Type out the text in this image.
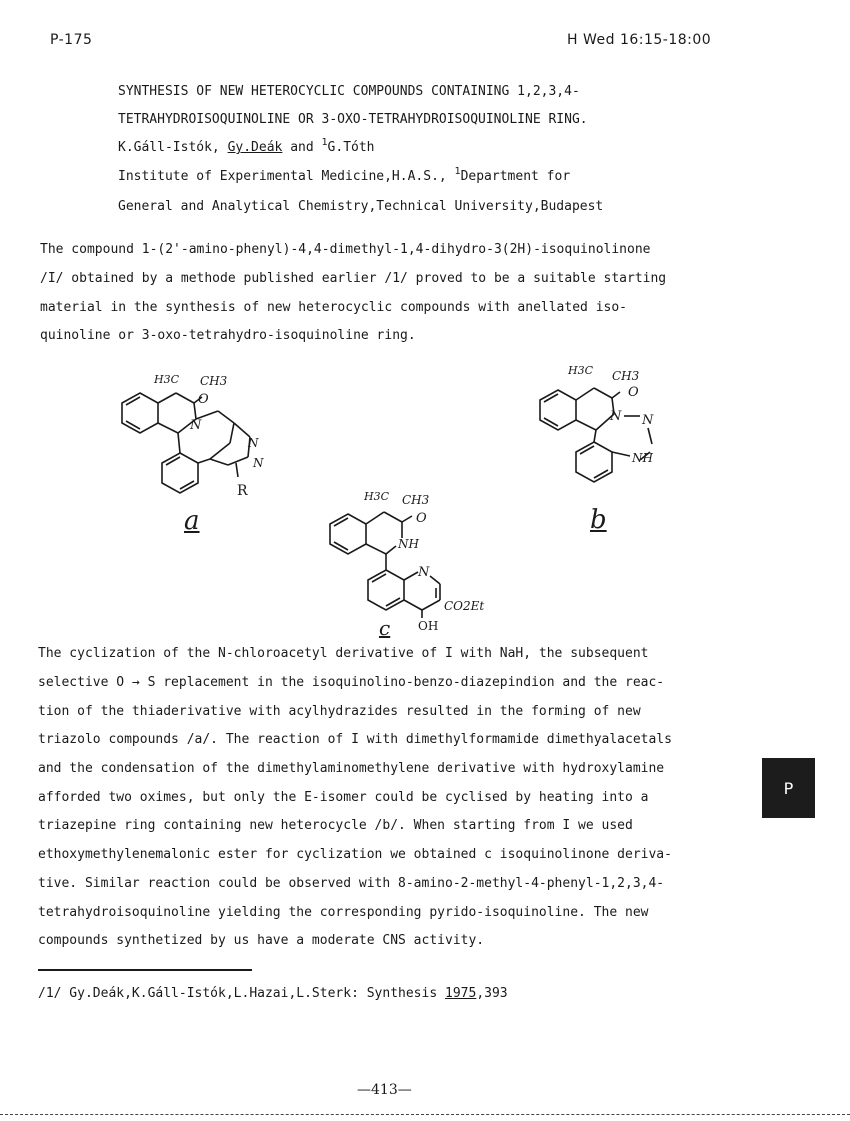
P-175	H Wed 16:15-18:00
SYNTHESIS OF NEW HETEROCYCLIC COMPOUNDS CONTAINING 1,2,3,4-
TETRAHYDROISOQUINOLINE OR 3-OXO-TETRAHYDROISOQUINOLINE RING.
K.Gáll-Istók, Gy.Deák and $^1$G.Tóth
Institute of Experimental Medicine,H.A.S., $^1$Department for
General and Analytical Chemistry,Technical University,Budapest
The compound 1-(2'-amino-phenyl)-4,4-dimethyl-1,4-dihydro-3(2H)-isoquinolinone
/I/ obtained by a methode published earlier /1/ proved to be a suitable starting
material in the synthesis of new heterocyclic compounds with anellated iso-
quinoline or 3-oxo-tetrahydro-isoquinoline ring.
H3C CH3
O
N
N
N
R
a
H3C CH3
O
N N
NH
b
H3C CH3
O
NH
N
CO2Et
OH
c
The cyclization of the N-chloroacetyl derivative of I with NaH, the subsequent
selective O → S replacement in the isoquinolino-benzo-diazepindion and the reac-
tion of the thiaderivative with acylhydrazides resulted in the forming of new
triazolo compounds /a/. The reaction of I with dimethylformamide dimethyalacetals
and the condensation of the dimethylaminomethylene derivative with hydroxylamine
afforded two oximes, but only the E-isomer could be cyclised by heating into a
triazepine ring containing new heterocycle /b/. When starting from I we used
ethoxymethylenemalonic ester for cyclization we obtained c isoquinolinone deriva-
tive. Similar reaction could be observed with 8-amino-2-methyl-4-phenyl-1,2,3,4-
tetrahydroisoquinoline yielding the corresponding pyrido-isoquinoline. The new
compounds synthetized by us have a moderate CNS activity.
P
/1/ Gy.Deák,K.Gáll-Istók,L.Hazai,L.Sterk: Synthesis 1975,393
—413—
